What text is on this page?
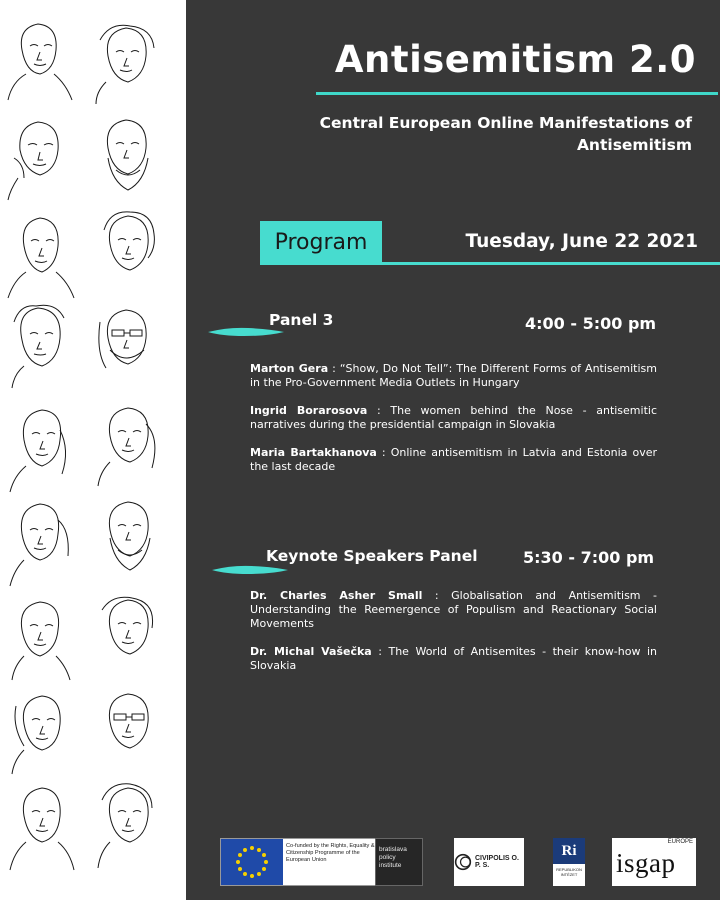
Antisemitism 2.0
Central European Online Manifestations of Antisemitism
Program	Tuesday, June 22 2021
Panel 3	4:00 - 5:00 pm
Marton Gera : “Show, Do Not Tell”: The Different Forms of Antisemitism in the Pro-Government Media Outlets in Hungary
Ingrid Borarosova : The women behind the Nose - antisemitic narratives during the presidential campaign in Slovakia
Maria Bartakhanova : Online antisemitism in Latvia and Estonia over the last decade
Keynote Speakers Panel	5:30 - 7:00 pm
Dr. Charles Asher Small : Globalisation and Antisemitism - Understanding the Reemergence of Populism and Reactionary Social Movements
Dr. Michal Vašečka : The World of Antisemites - their know-how in Slovakia
Co-funded by the Rights, Equality & Citizenship Programme of the European Union
bratislava
policy
institute
CIVIPOLIS O. P. S.
Ri
REPUBLIKON INTÉZET
EUROPE
isgap
